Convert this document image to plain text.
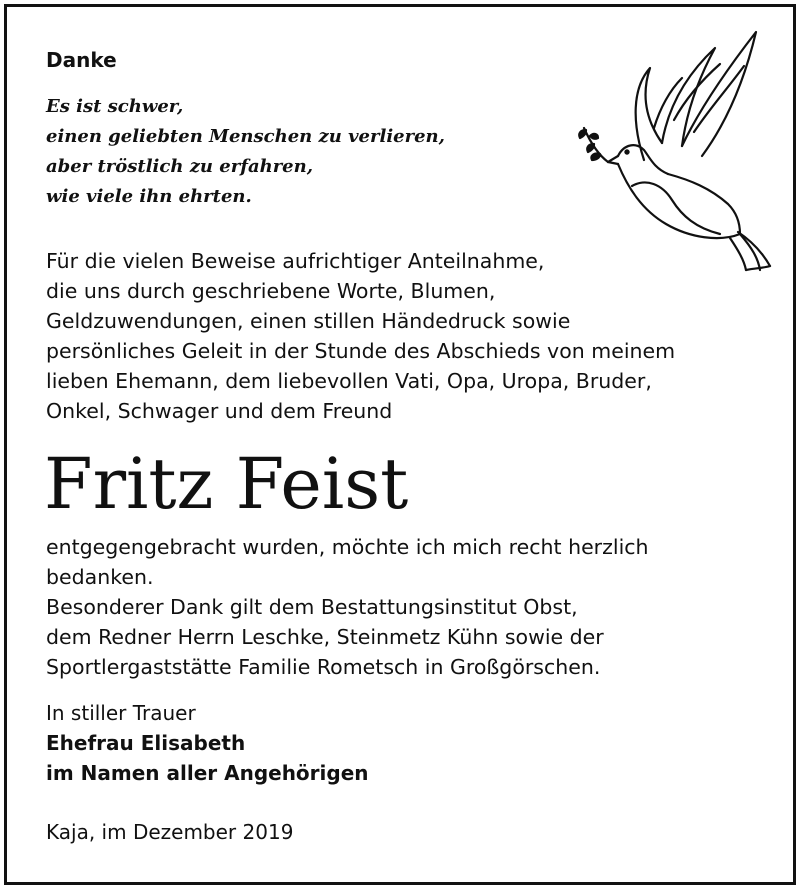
Danke
Es ist schwer,
einen geliebten Menschen zu verlieren,
aber tröstlich zu erfahren,
wie viele ihn ehrten.
Für die vielen Beweise aufrichtiger Anteilnahme,
die uns durch geschriebene Worte, Blumen,
Geldzuwendungen, einen stillen Händedruck sowie
persönliches Geleit in der Stunde des Abschieds von meinem
lieben Ehemann, dem liebevollen Vati, Opa, Uropa, Bruder,
Onkel, Schwager und dem Freund
Fritz Feist
entgegengebracht wurden, möchte ich mich recht herzlich
bedanken.
Besonderer Dank gilt dem Bestattungsinstitut Obst,
dem Redner Herrn Leschke, Steinmetz Kühn sowie der
Sportlergaststätte Familie Rometsch in Großgörschen.
In stiller Trauer
Ehefrau Elisabeth
im Namen aller Angehörigen
Kaja, im Dezember 2019
